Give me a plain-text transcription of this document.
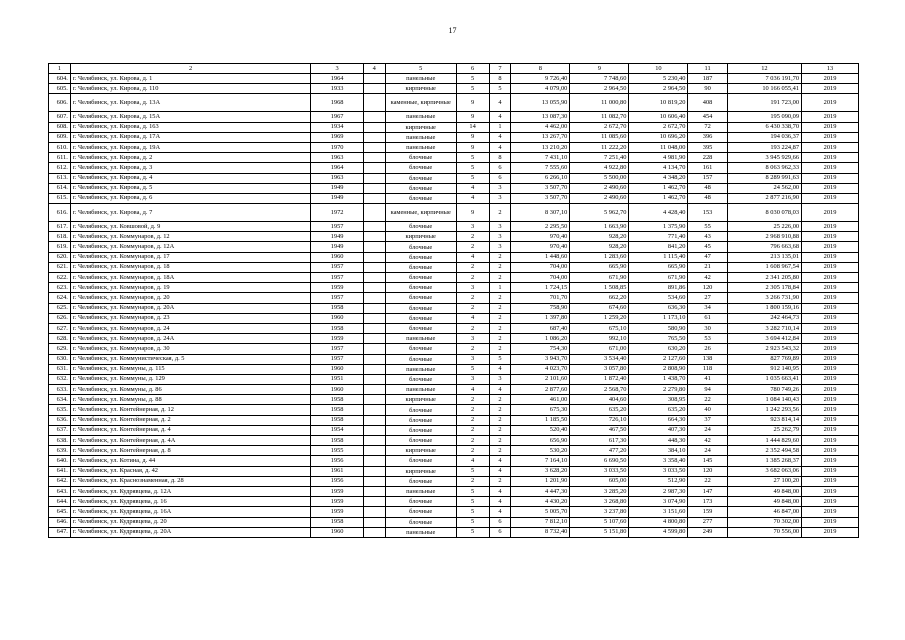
17
1	2	3	4	5	6	7	8	9	10	11	12	13
604.	г. Челябинск, ул. Кирова, д. 1	1964		панельные	5	8	9 726,40	7 748,60	5 230,40	187	7 036 191,70	2019
605.	г. Челябинск, ул. Кирова, д. 110	1933		кирпичные	5	5	4 079,00	2 964,50	2 964,50	90	10 166 055,41	2019
606.	г. Челябинск, ул. Кирова, д. 13А	1968		каменные, кирпичные	9	4	13 055,90	11 000,80	10 819,20	408	191 723,00	2019
607.	г. Челябинск, ул. Кирова, д. 15А	1967		панельные	9	4	13 087,30	11 082,70	10 606,40	454	195 090,09	2019
608.	г. Челябинск, ул. Кирова, д. 163	1934		кирпичные	14	1	4 462,00	2 672,70	2 672,70	72	6 430 338,70	2019
609.	г. Челябинск, ул. Кирова, д. 17А	1969		панельные	9	4	13 267,70	11 085,60	10 696,20	396	194 036,37	2019
610.	г. Челябинск, ул. Кирова, д. 19А	1970		панельные	9	4	13 210,20	11 222,20	11 048,00	395	193 224,87	2019
611.	г. Челябинск, ул. Кирова, д. 2	1963		блочные	5	8	7 431,10	7 251,40	4 981,90	228	3 945 929,66	2019
612.	г. Челябинск, ул. Кирова, д. 3	1964		блочные	5	6	7 555,60	4 922,80	4 134,70	161	8 063 962,33	2019
613.	г. Челябинск, ул. Кирова, д. 4	1963		блочные	5	6	6 266,10	5 500,00	4 348,20	157	8 289 991,63	2019
614.	г. Челябинск, ул. Кирова, д. 5	1949		блочные	4	3	3 507,70	2 490,60	1 462,70	48	24 562,00	2019
615.	г. Челябинск, ул. Кирова, д. 6	1949		блочные	4	3	3 507,70	2 490,60	1 462,70	48	2 877 216,90	2019
616.	г. Челябинск, ул. Кирова, д. 7	1972		каменные, кирпичные	9	2	8 307,10	5 962,70	4 428,40	153	8 030 078,03	2019
617.	г. Челябинск, ул. Ковшовой, д. 9	1957		блочные	3	3	2 295,50	1 663,90	1 375,90	55	25 226,00	2019
618.	г. Челябинск, ул. Коммунаров, д. 12	1949		кирпичные	2	3	970,40	928,20	771,40	43	2 968 910,88	2019
619.	г. Челябинск, ул. Коммунаров, д. 12А	1949		блочные	2	3	970,40	928,20	841,20	45	796 663,68	2019
620.	г. Челябинск, ул. Коммунаров, д. 17	1960		блочные	4	2	1 448,60	1 283,60	1 115,40	47	213 135,01	2019
621.	г. Челябинск, ул. Коммунаров, д. 18	1957		блочные	2	2	704,00	665,90	665,90	21	1 608 967,54	2019
622.	г. Челябинск, ул. Коммунаров, д. 18А	1957		блочные	2	2	704,00	671,90	671,90	42	2 341 205,80	2019
623.	г. Челябинск, ул. Коммунаров, д. 19	1959		блочные	3	1	1 724,15	1 508,85	891,86	120	2 305 178,84	2019
624.	г. Челябинск, ул. Коммунаров, д. 20	1957		блочные	2	2	701,70	662,20	534,60	27	3 266 731,90	2019
625.	г. Челябинск, ул. Коммунаров, д. 20А	1958		блочные	2	2	758,90	674,60	636,30	34	1 800 159,16	2019
626.	г. Челябинск, ул. Коммунаров, д. 23	1960		блочные	4	2	1 397,80	1 259,20	1 173,10	61	242 464,73	2019
627.	г. Челябинск, ул. Коммунаров, д. 24	1958		блочные	2	2	687,40	675,10	580,90	30	3 282 710,14	2019
628.	г. Челябинск, ул. Коммунаров, д. 24А	1959		панельные	3	2	1 086,20	992,10	765,50	53	3 694 412,84	2019
629.	г. Челябинск, ул. Коммунаров, д. 30	1957		блочные	2	2	754,30	671,00	630,20	26	2 923 543,32	2019
630.	г. Челябинск, ул. Коммунистическая, д. 5	1957		блочные	3	5	3 943,70	3 534,40	2 127,60	138	827 769,89	2019
631.	г. Челябинск, ул. Коммуны, д. 115	1960		панельные	5	4	4 023,70	3 057,80	2 808,90	118	912 140,95	2019
632.	г. Челябинск, ул. Коммуны, д. 129	1951		блочные	3	3	2 101,60	1 872,40	1 438,70	41	1 035 663,41	2019
633.	г. Челябинск, ул. Коммуны, д. 86	1960		панельные	4	4	2 877,60	2 568,70	2 279,80	94	780 749,26	2019
634.	г. Челябинск, ул. Коммуны, д. 88	1958		кирпичные	2	2	461,00	404,60	308,95	22	1 084 140,43	2019
635.	г. Челябинск, ул. Контейнерная, д. 12	1958		блочные	2	2	675,30	635,20	635,20	40	1 242 293,56	2019
636.	г. Челябинск, ул. Контейнерная, д. 2	1958		блочные	2	2	1 185,50	726,10	664,30	37	923 814,14	2019
637.	г. Челябинск, ул. Контейнерная, д. 4	1954		блочные	2	2	520,40	467,50	407,30	24	25 262,79	2019
638.	г. Челябинск, ул. Контейнерная, д. 4А	1958		блочные	2	2	656,90	617,30	448,30	42	1 444 829,60	2019
639.	г. Челябинск, ул. Контейнерная, д. 8	1955		кирпичные	2	2	530,20	477,20	384,10	24	2 352 494,58	2019
640.	г. Челябинск, ул. Котина, д. 44	1956		блочные	4	4	7 164,10	6 690,50	3 358,40	145	1 385 268,37	2019
641.	г. Челябинск, ул. Красная, д. 42	1961		кирпичные	5	4	3 628,20	3 033,50	3 033,50	120	3 682 063,06	2019
642.	г. Челябинск, ул. Краснознаменная, д. 28	1956		блочные	2	2	1 201,90	605,00	512,90	22	27 100,20	2019
643.	г. Челябинск, ул. Кудрявцева, д. 12А	1959		панельные	5	4	4 447,30	3 285,20	2 987,30	147	49 848,00	2019
644.	г. Челябинск, ул. Кудрявцева, д. 16	1959		блочные	5	4	4 430,20	3 268,80	3 074,90	173	49 848,00	2019
645.	г. Челябинск, ул. Кудрявцева, д. 16А	1959		блочные	5	4	5 005,70	3 237,80	3 151,60	159	46 847,00	2019
646.	г. Челябинск, ул. Кудрявцева, д. 20	1958		блочные	5	6	7 812,10	5 107,60	4 800,80	277	70 302,00	2019
647.	г. Челябинск, ул. Кудрявцева, д. 20А	1960		панельные	5	6	8 732,40	5 151,80	4 599,80	249	70 556,00	2019
